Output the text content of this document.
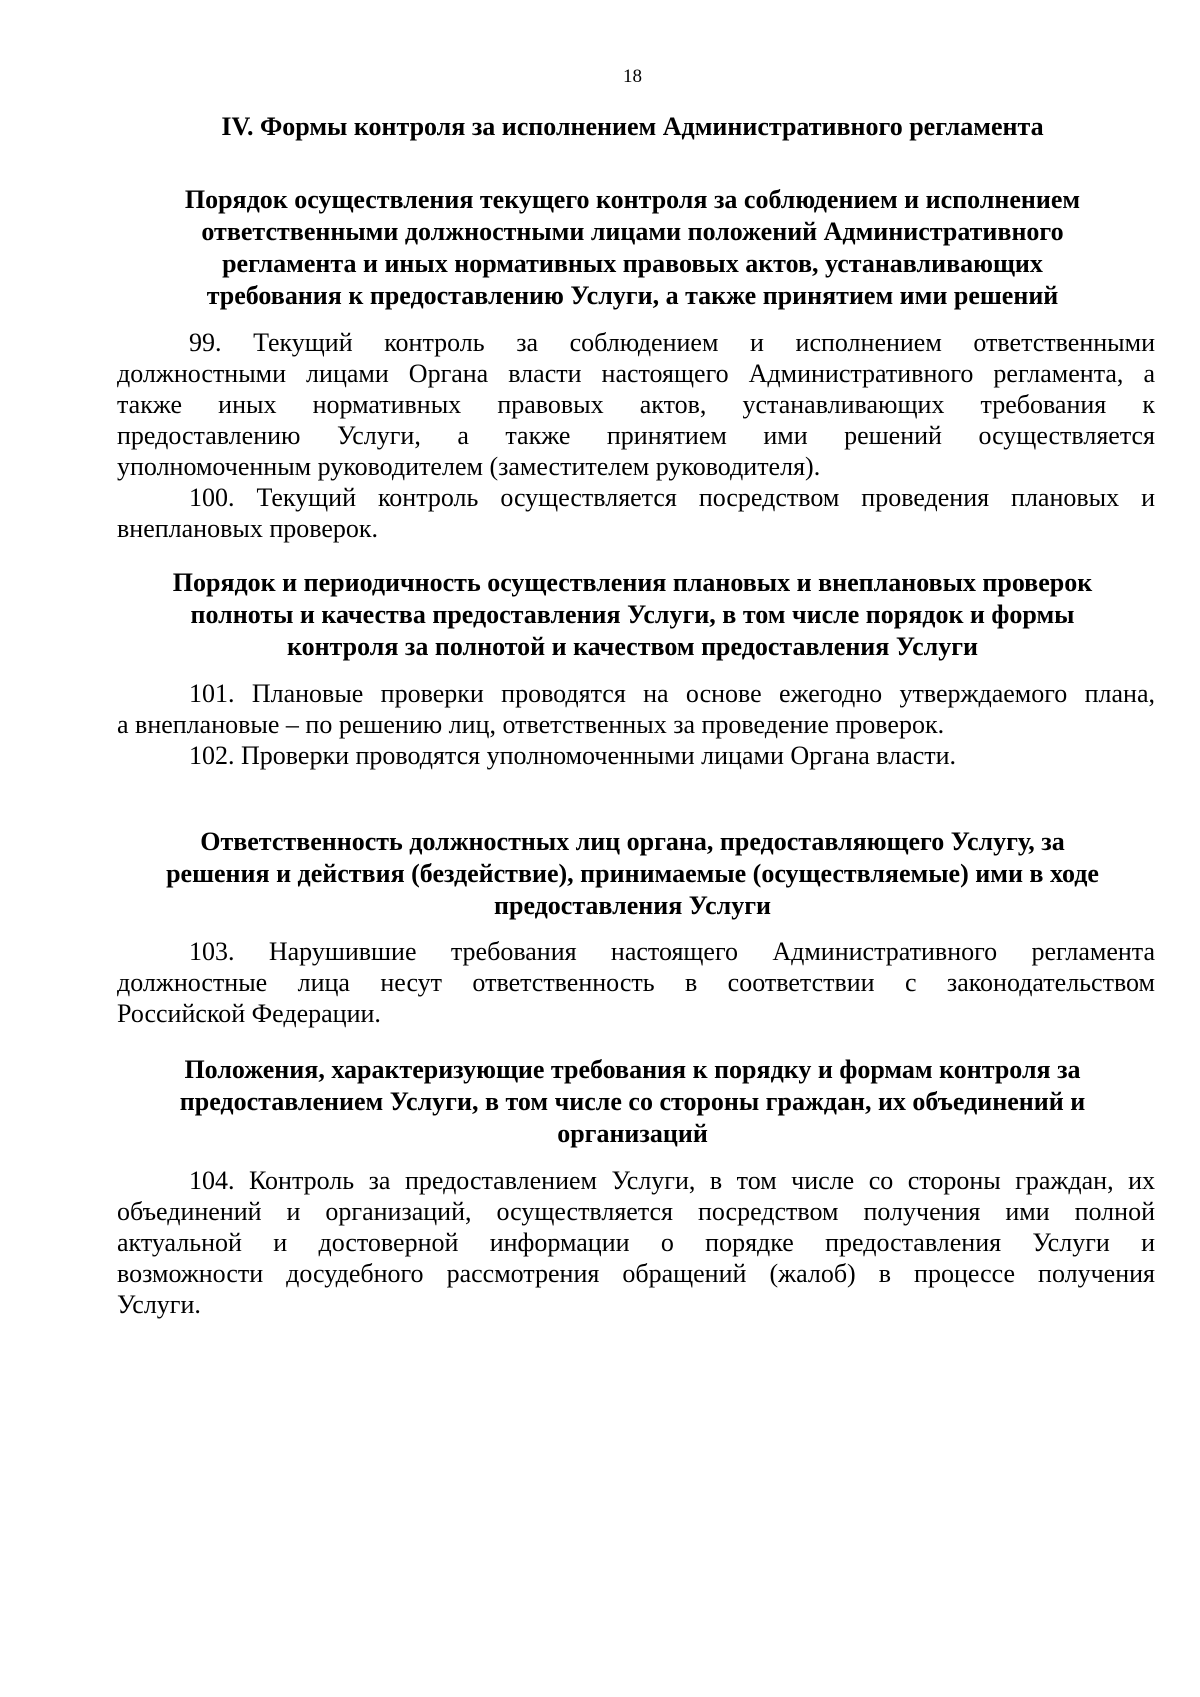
18
IV. Формы контроля за исполнением Административного регламента
Порядок осуществления текущего контроля за соблюдением и исполнением
ответственными должностными лицами положений Административного
регламента и иных нормативных правовых актов, устанавливающих
требования к предоставлению Услуги, а также принятием ими решений
99. Текущий контроль за соблюдением и исполнением ответственными
должностными лицами Органа власти настоящего Административного регламента, а
также иных нормативных правовых актов, устанавливающих требования к
предоставлению Услуги, а также принятием ими решений осуществляется
уполномоченным руководителем (заместителем руководителя).
100. Текущий контроль осуществляется посредством проведения плановых и
внеплановых проверок.
Порядок и периодичность осуществления плановых и внеплановых проверок
полноты и качества предоставления Услуги, в том числе порядок и формы
контроля за полнотой и качеством предоставления Услуги
101. Плановые проверки проводятся на основе ежегодно утверждаемого плана,
а внеплановые – по решению лиц, ответственных за проведение проверок.
102. Проверки проводятся уполномоченными лицами Органа власти.
Ответственность должностных лиц органа, предоставляющего Услугу, за
решения и действия (бездействие), принимаемые (осуществляемые) ими в ходе
предоставления Услуги
103. Нарушившие требования настоящего Административного регламента
должностные лица несут ответственность в соответствии с законодательством
Российской Федерации.
Положения, характеризующие требования к порядку и формам контроля за
предоставлением Услуги, в том числе со стороны граждан, их объединений и
организаций
104. Контроль за предоставлением Услуги, в том числе со стороны граждан, их
объединений и организаций, осуществляется посредством получения ими полной
актуальной и достоверной информации о порядке предоставления Услуги и
возможности досудебного рассмотрения обращений (жалоб) в процессе получения
Услуги.
